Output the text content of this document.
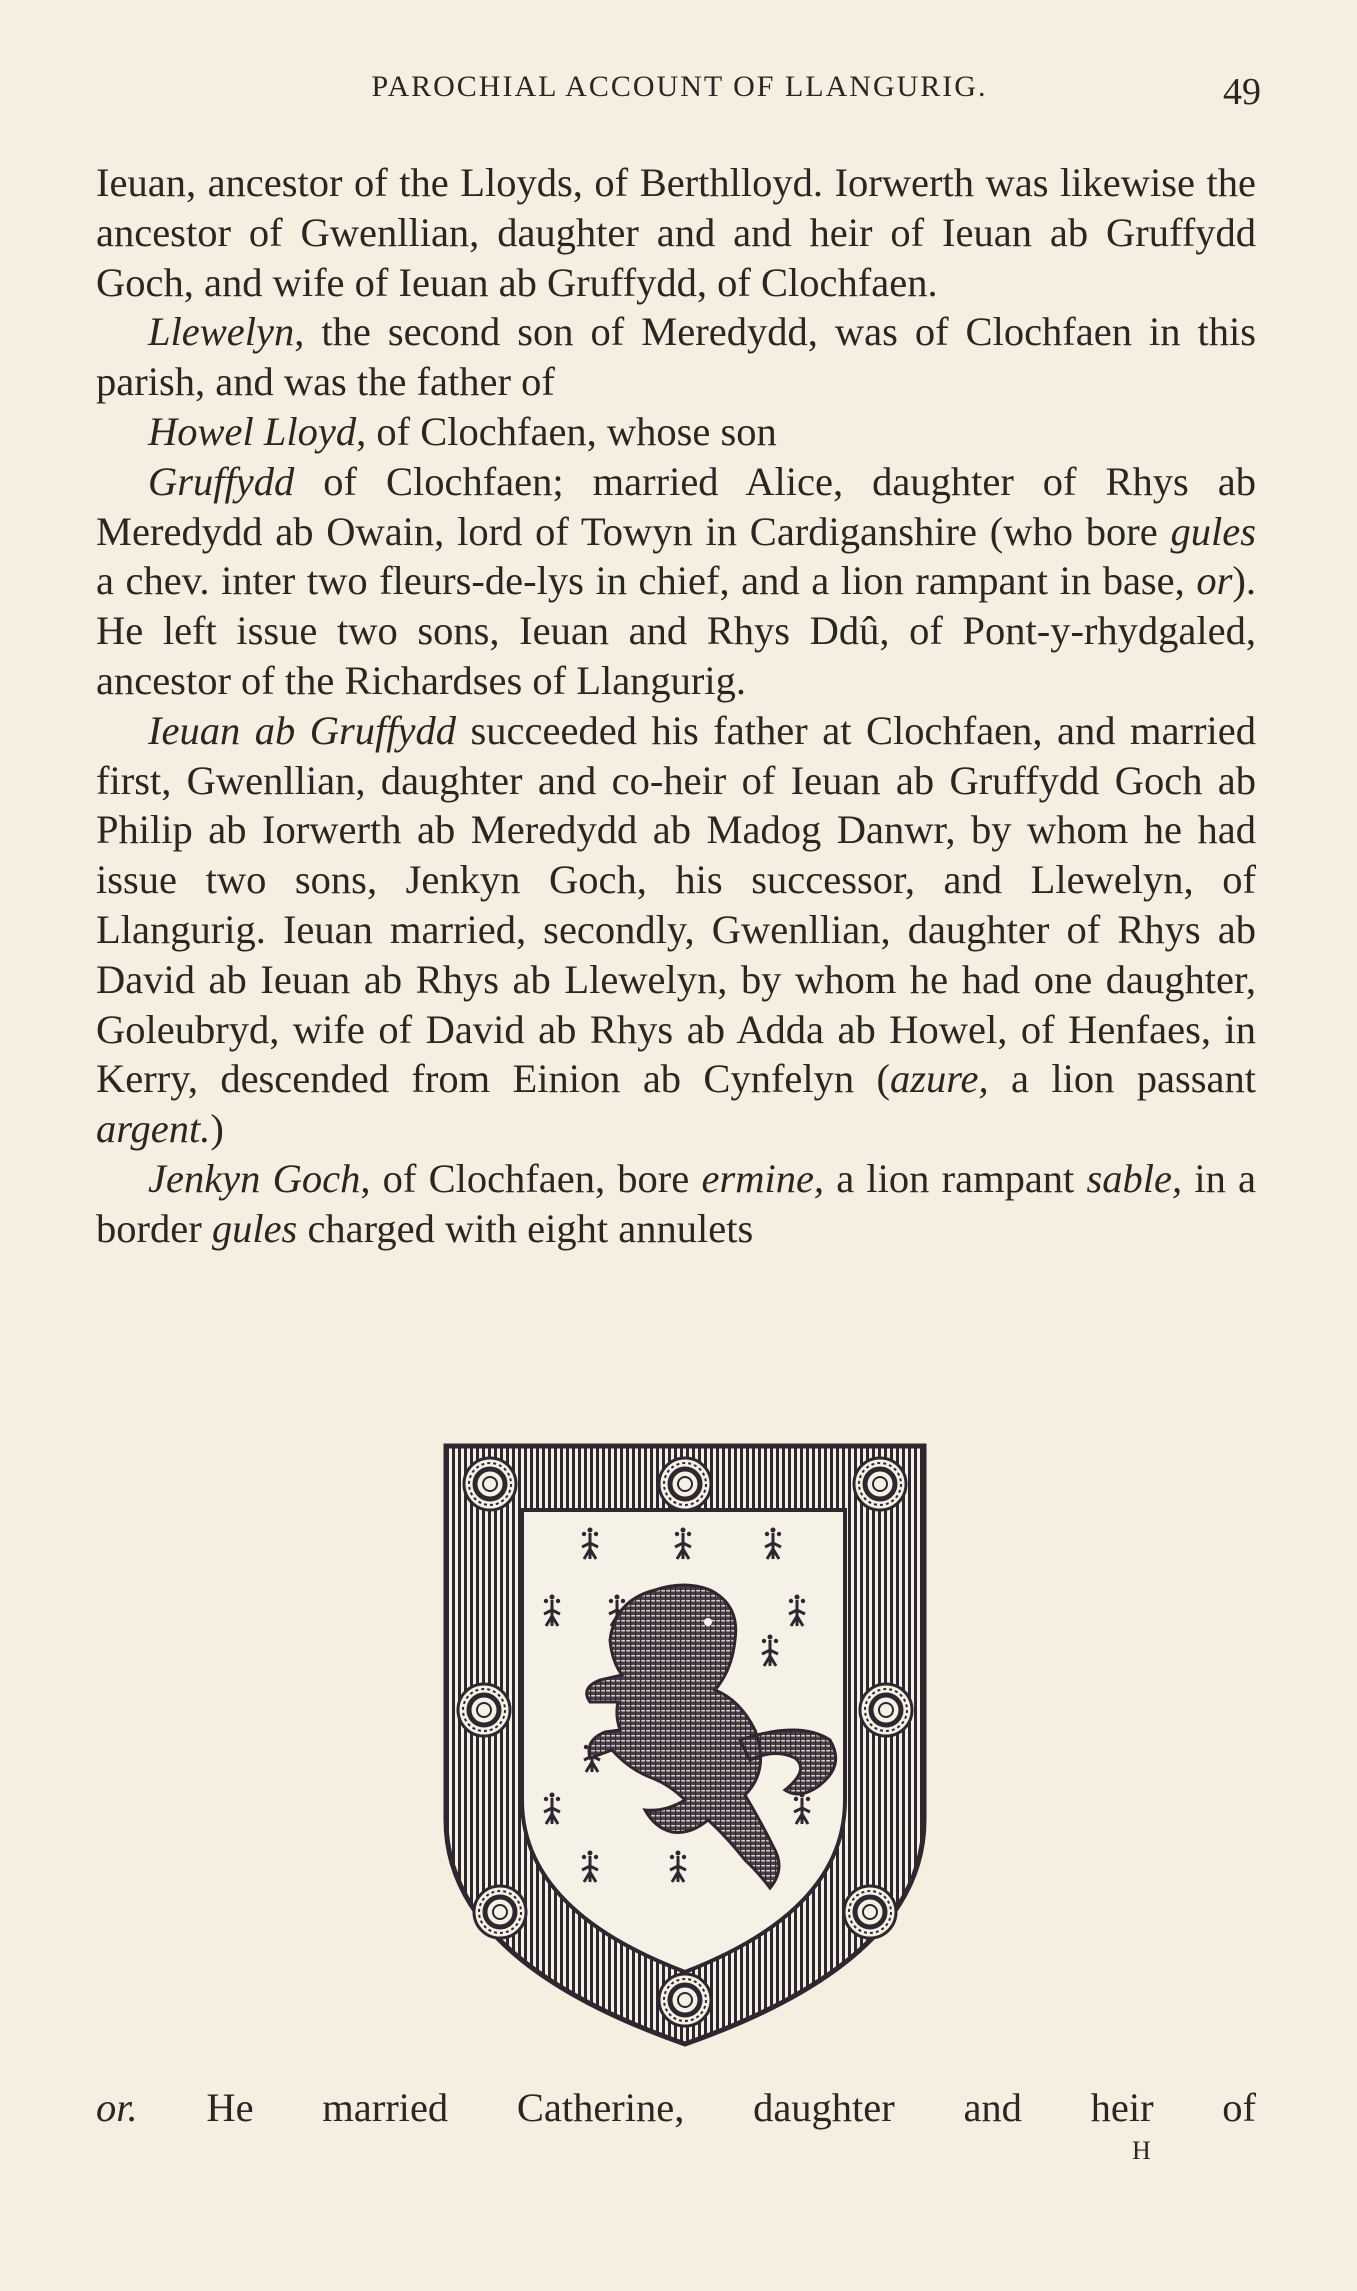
PAROCHIAL ACCOUNT OF LLANGURIG.	49

Ieuan, ancestor of the Lloyds, of Berthlloyd. Iorwerth was likewise the ancestor of Gwenllian, daughter and and heir of Ieuan ab Gruffydd Goch, and wife of Ieuan ab Gruffydd, of Clochfaen.

Llewelyn, the second son of Meredydd, was of Clochfaen in this parish, and was the father of

Howel Lloyd, of Clochfaen, whose son

Gruffydd of Clochfaen; married Alice, daughter of Rhys ab Meredydd ab Owain, lord of Towyn in Cardiganshire (who bore gules a chev. inter two fleurs-de-lys in chief, and a lion rampant in base, or). He left issue two sons, Ieuan and Rhys Ddû, of Pont-y-rhydgaled, ancestor of the Richardses of Llangurig.

Ieuan ab Gruffydd succeeded his father at Clochfaen, and married first, Gwenllian, daughter and co-heir of Ieuan ab Gruffydd Goch ab Philip ab Iorwerth ab Meredydd ab Madog Danwr, by whom he had issue two sons, Jenkyn Goch, his successor, and Llewelyn, of Llangurig. Ieuan married, secondly, Gwenllian, daughter of Rhys ab David ab Ieuan ab Rhys ab Llewelyn, by whom he had one daughter, Goleubryd, wife of David ab Rhys ab Adda ab Howel, of Henfaes, in Kerry, descended from Einion ab Cynfelyn (azure, a lion passant argent.)

Jenkyn Goch, of Clochfaen, bore ermine, a lion rampant sable, in a border gules charged with eight annulets

or. He married Catherine, daughter and heir of
H
